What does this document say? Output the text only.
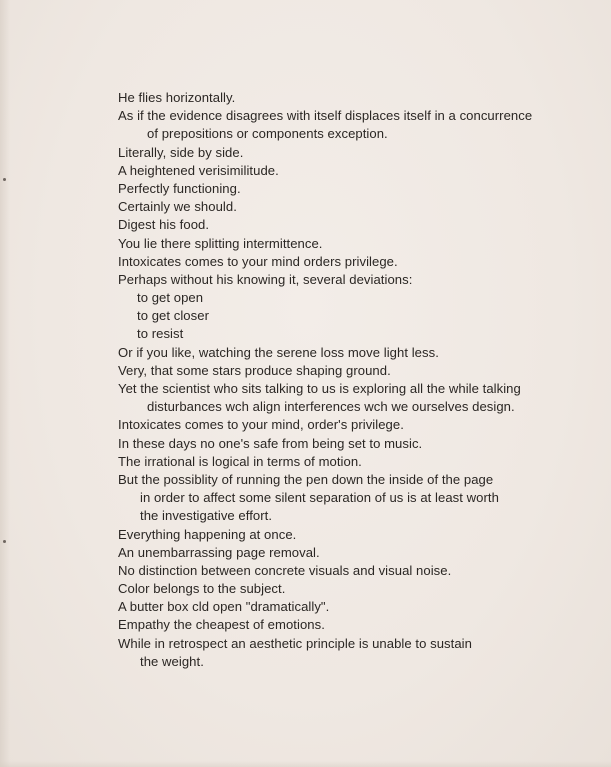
He flies horizontally.
As if the evidence disagrees with itself displaces itself in a concurrence
of prepositions or components exception.
Literally, side by side.
A heightened verisimilitude.
Perfectly functioning.
Certainly we should.
Digest his food.
You lie there splitting intermittence.
Intoxicates comes to your mind orders privilege.
Perhaps without his knowing it, several deviations:
to get open
to get closer
to resist
Or if you like, watching the serene loss move light less.
Very, that some stars produce shaping ground.
Yet the scientist who sits talking to us is exploring all the while talking
disturbances wch align interferences wch we ourselves design.
Intoxicates comes to your mind, order's privilege.
In these days no one's safe from being set to music.
The irrational is logical in terms of motion.
But the possiblity of running the pen down the inside of the page
in order to affect some silent separation of us is at least worth
the investigative effort.
Everything happening at once.
An unembarrassing page removal.
No distinction between concrete visuals and visual noise.
Color belongs to the subject.
A butter box cld open "dramatically".
Empathy the cheapest of emotions.
While in retrospect an aesthetic principle is unable to sustain
the weight.
